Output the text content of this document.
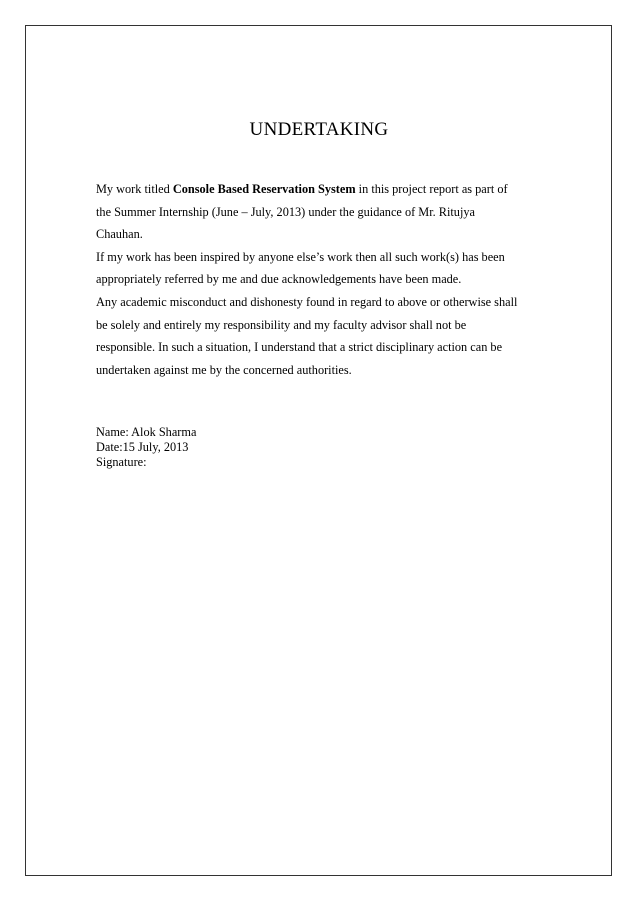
UNDERTAKING
My work titled Console Based Reservation System in this project report as part of
the Summer Internship (June – July, 2013) under the guidance of Mr. Ritujya
Chauhan.
If my work has been inspired by anyone else’s work then all such work(s) has been
appropriately referred by me and due acknowledgements have been made.
Any academic misconduct and dishonesty found in regard to above or otherwise shall
be solely and entirely my responsibility and my faculty advisor shall not be
responsible. In such a situation, I understand that a strict disciplinary action can be
undertaken against me by the concerned authorities.
Name: Alok Sharma
Date:15 July, 2013
Signature:
